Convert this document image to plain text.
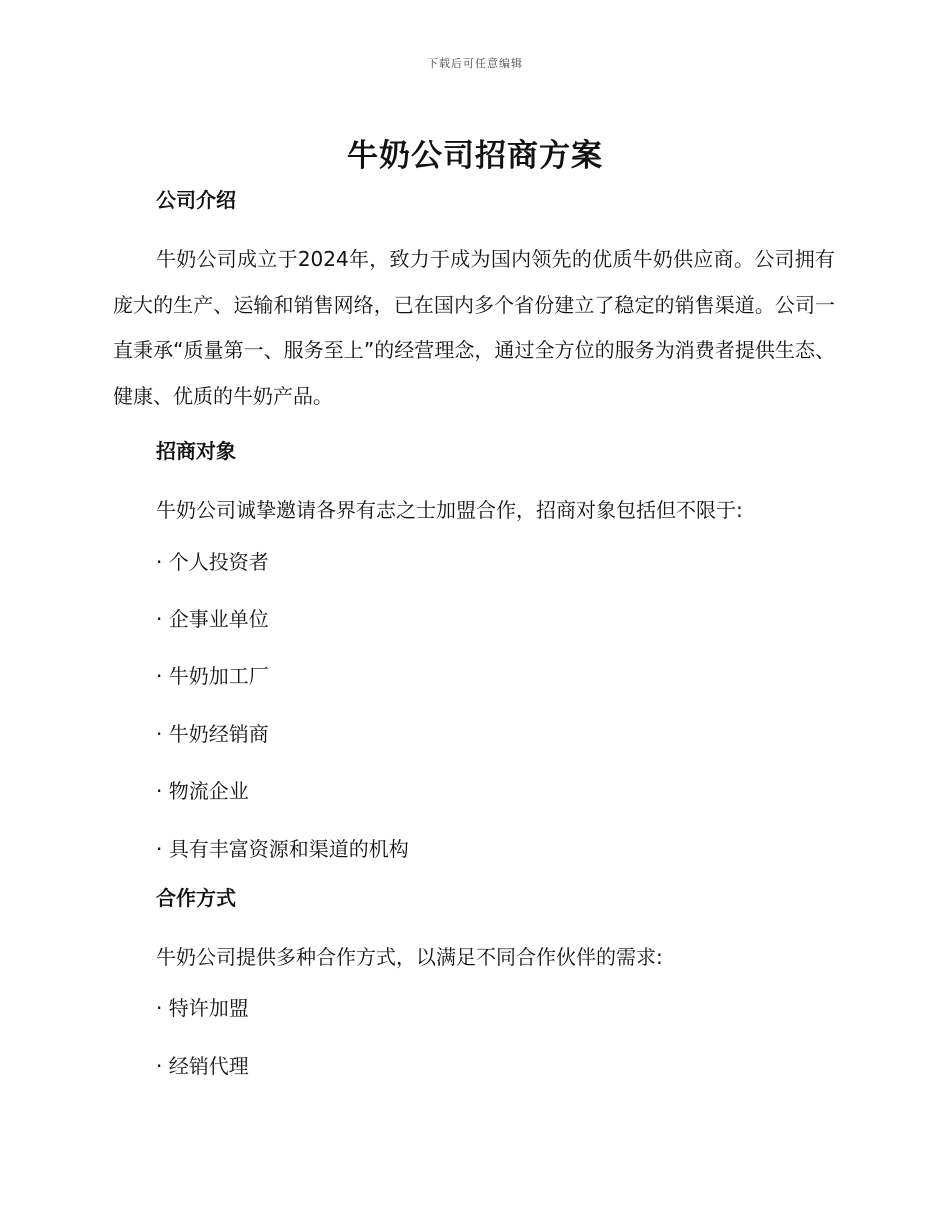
下载后可任意编辑
牛奶公司招商方案
公司介绍

牛奶公司成立于2024年，致力于成为国内领先的优质牛奶供应商。公司拥有庞大的生产、运输和销售网络，已在国内多个省份建立了稳定的销售渠道。公司一直秉承“质量第一、服务至上”的经营理念，通过全方位的服务为消费者提供生态、健康、优质的牛奶产品。

招商对象

牛奶公司诚挚邀请各界有志之士加盟合作，招商对象包括但不限于:

· 个人投资者
· 企事业单位
· 牛奶加工厂
· 牛奶经销商
· 物流企业
· 具有丰富资源和渠道的机构
合作方式

牛奶公司提供多种合作方式，以满足不同合作伙伴的需求:

· 特许加盟
· 经销代理
